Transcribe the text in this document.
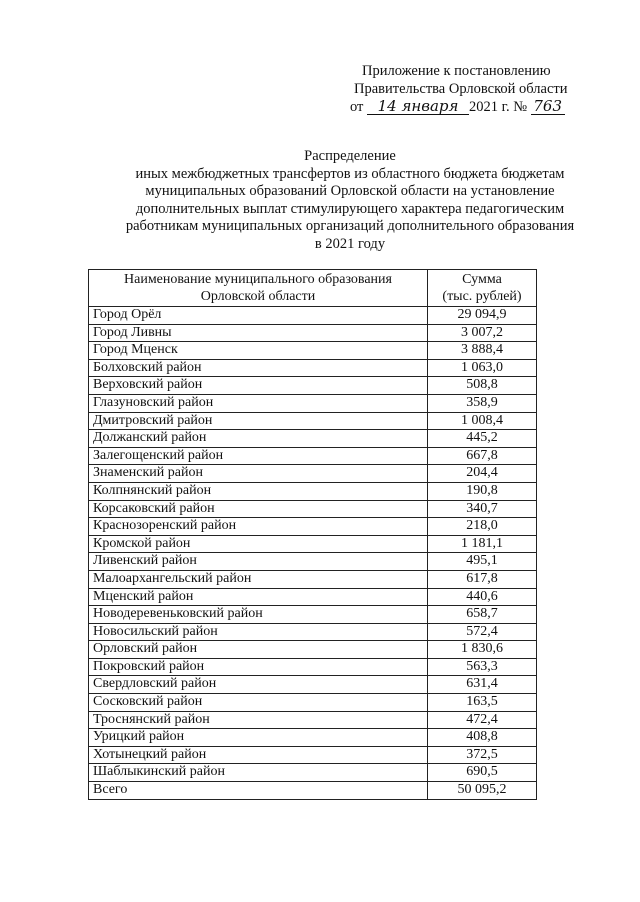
Приложение к постановлению
Правительства Орловской области
от 14 января 2021 г. № 763
Распределение
иных межбюджетных трансфертов из областного бюджета бюджетам
муниципальных образований Орловской области на установление
дополнительных выплат стимулирующего характера педагогическим
работникам муниципальных организаций дополнительного образования
в 2021 году
Наименование муниципального образования
Орловской области	Сумма
(тыс. рублей)
Город Орёл	29 094,9
Город Ливны	3 007,2
Город Мценск	3 888,4
Болховский район	1 063,0
Верховский район	508,8
Глазуновский район	358,9
Дмитровский район	1 008,4
Должанский район	445,2
Залегощенский район	667,8
Знаменский район	204,4
Колпнянский район	190,8
Корсаковский район	340,7
Краснозоренский район	218,0
Кромской район	1 181,1
Ливенский район	495,1
Малоархангельский район	617,8
Мценский район	440,6
Новодеревеньковский район	658,7
Новосильский район	572,4
Орловский район	1 830,6
Покровский район	563,3
Свердловский район	631,4
Сосковский район	163,5
Троснянский район	472,4
Урицкий район	408,8
Хотынецкий район	372,5
Шаблыкинский район	690,5
Всего	50 095,2
